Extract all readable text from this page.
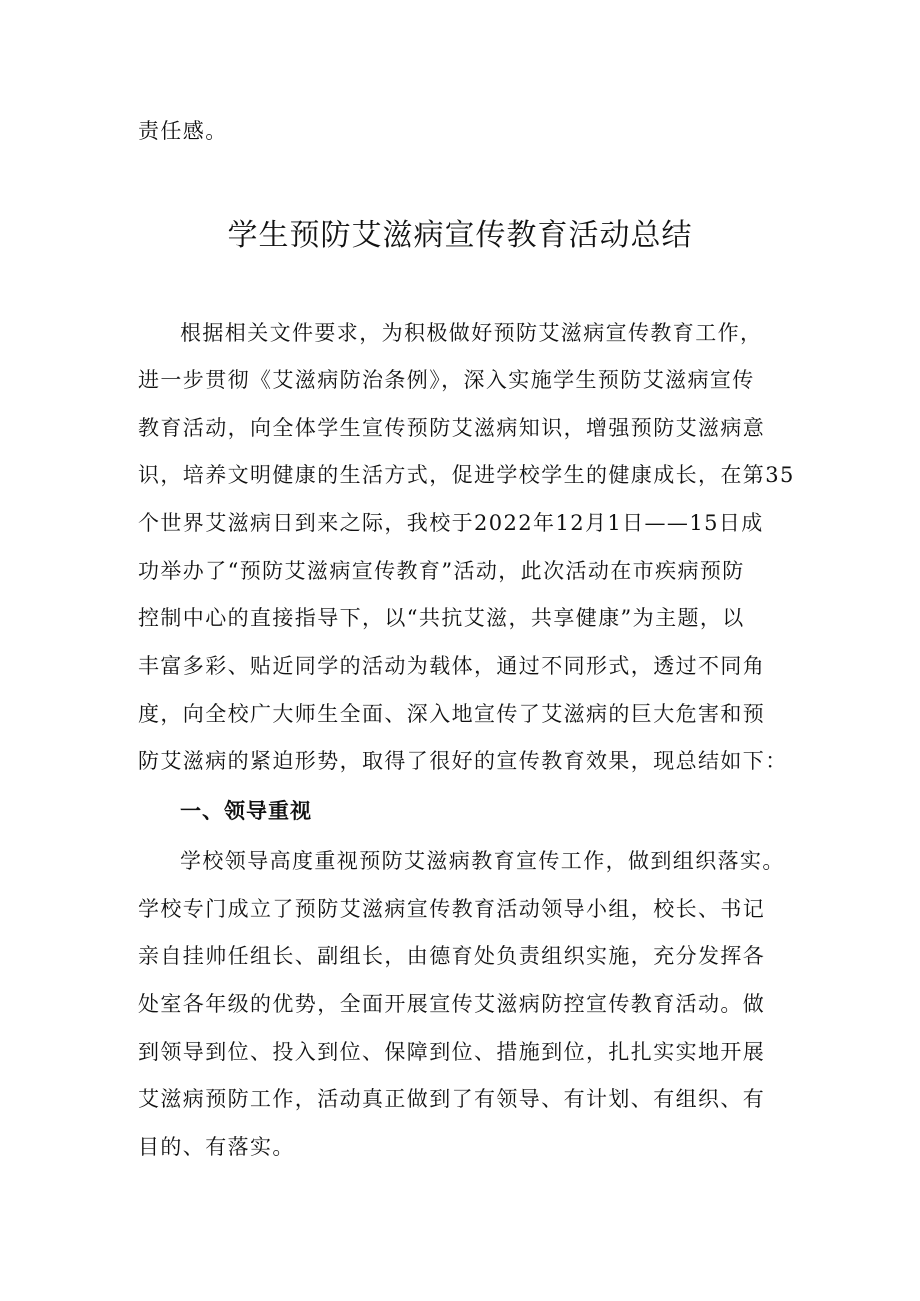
责任感。
学生预防艾滋病宣传教育活动总结
根据相关文件要求，为积极做好预防艾滋病宣传教育工作，
进一步贯彻《艾滋病防治条例》，深入实施学生预防艾滋病宣传
教育活动，向全体学生宣传预防艾滋病知识，增强预防艾滋病意
识，培养文明健康的生活方式，促进学校学生的健康成长，在第35
个世界艾滋病日到来之际，我校于2022年12月1日——15日成
功举办了“预防艾滋病宣传教育”活动，此次活动在市疾病预防
控制中心的直接指导下，以“共抗艾滋，共享健康”为主题，以
丰富多彩、贴近同学的活动为载体，通过不同形式，透过不同角
度，向全校广大师生全面、深入地宣传了艾滋病的巨大危害和预
防艾滋病的紧迫形势，取得了很好的宣传教育效果，现总结如下：
一、领导重视
学校领导高度重视预防艾滋病教育宣传工作，做到组织落实。
学校专门成立了预防艾滋病宣传教育活动领导小组，校长、书记
亲自挂帅任组长、副组长，由德育处负责组织实施，充分发挥各
处室各年级的优势，全面开展宣传艾滋病防控宣传教育活动。做
到领导到位、投入到位、保障到位、措施到位，扎扎实实地开展
艾滋病预防工作，活动真正做到了有领导、有计划、有组织、有
目的、有落实。
